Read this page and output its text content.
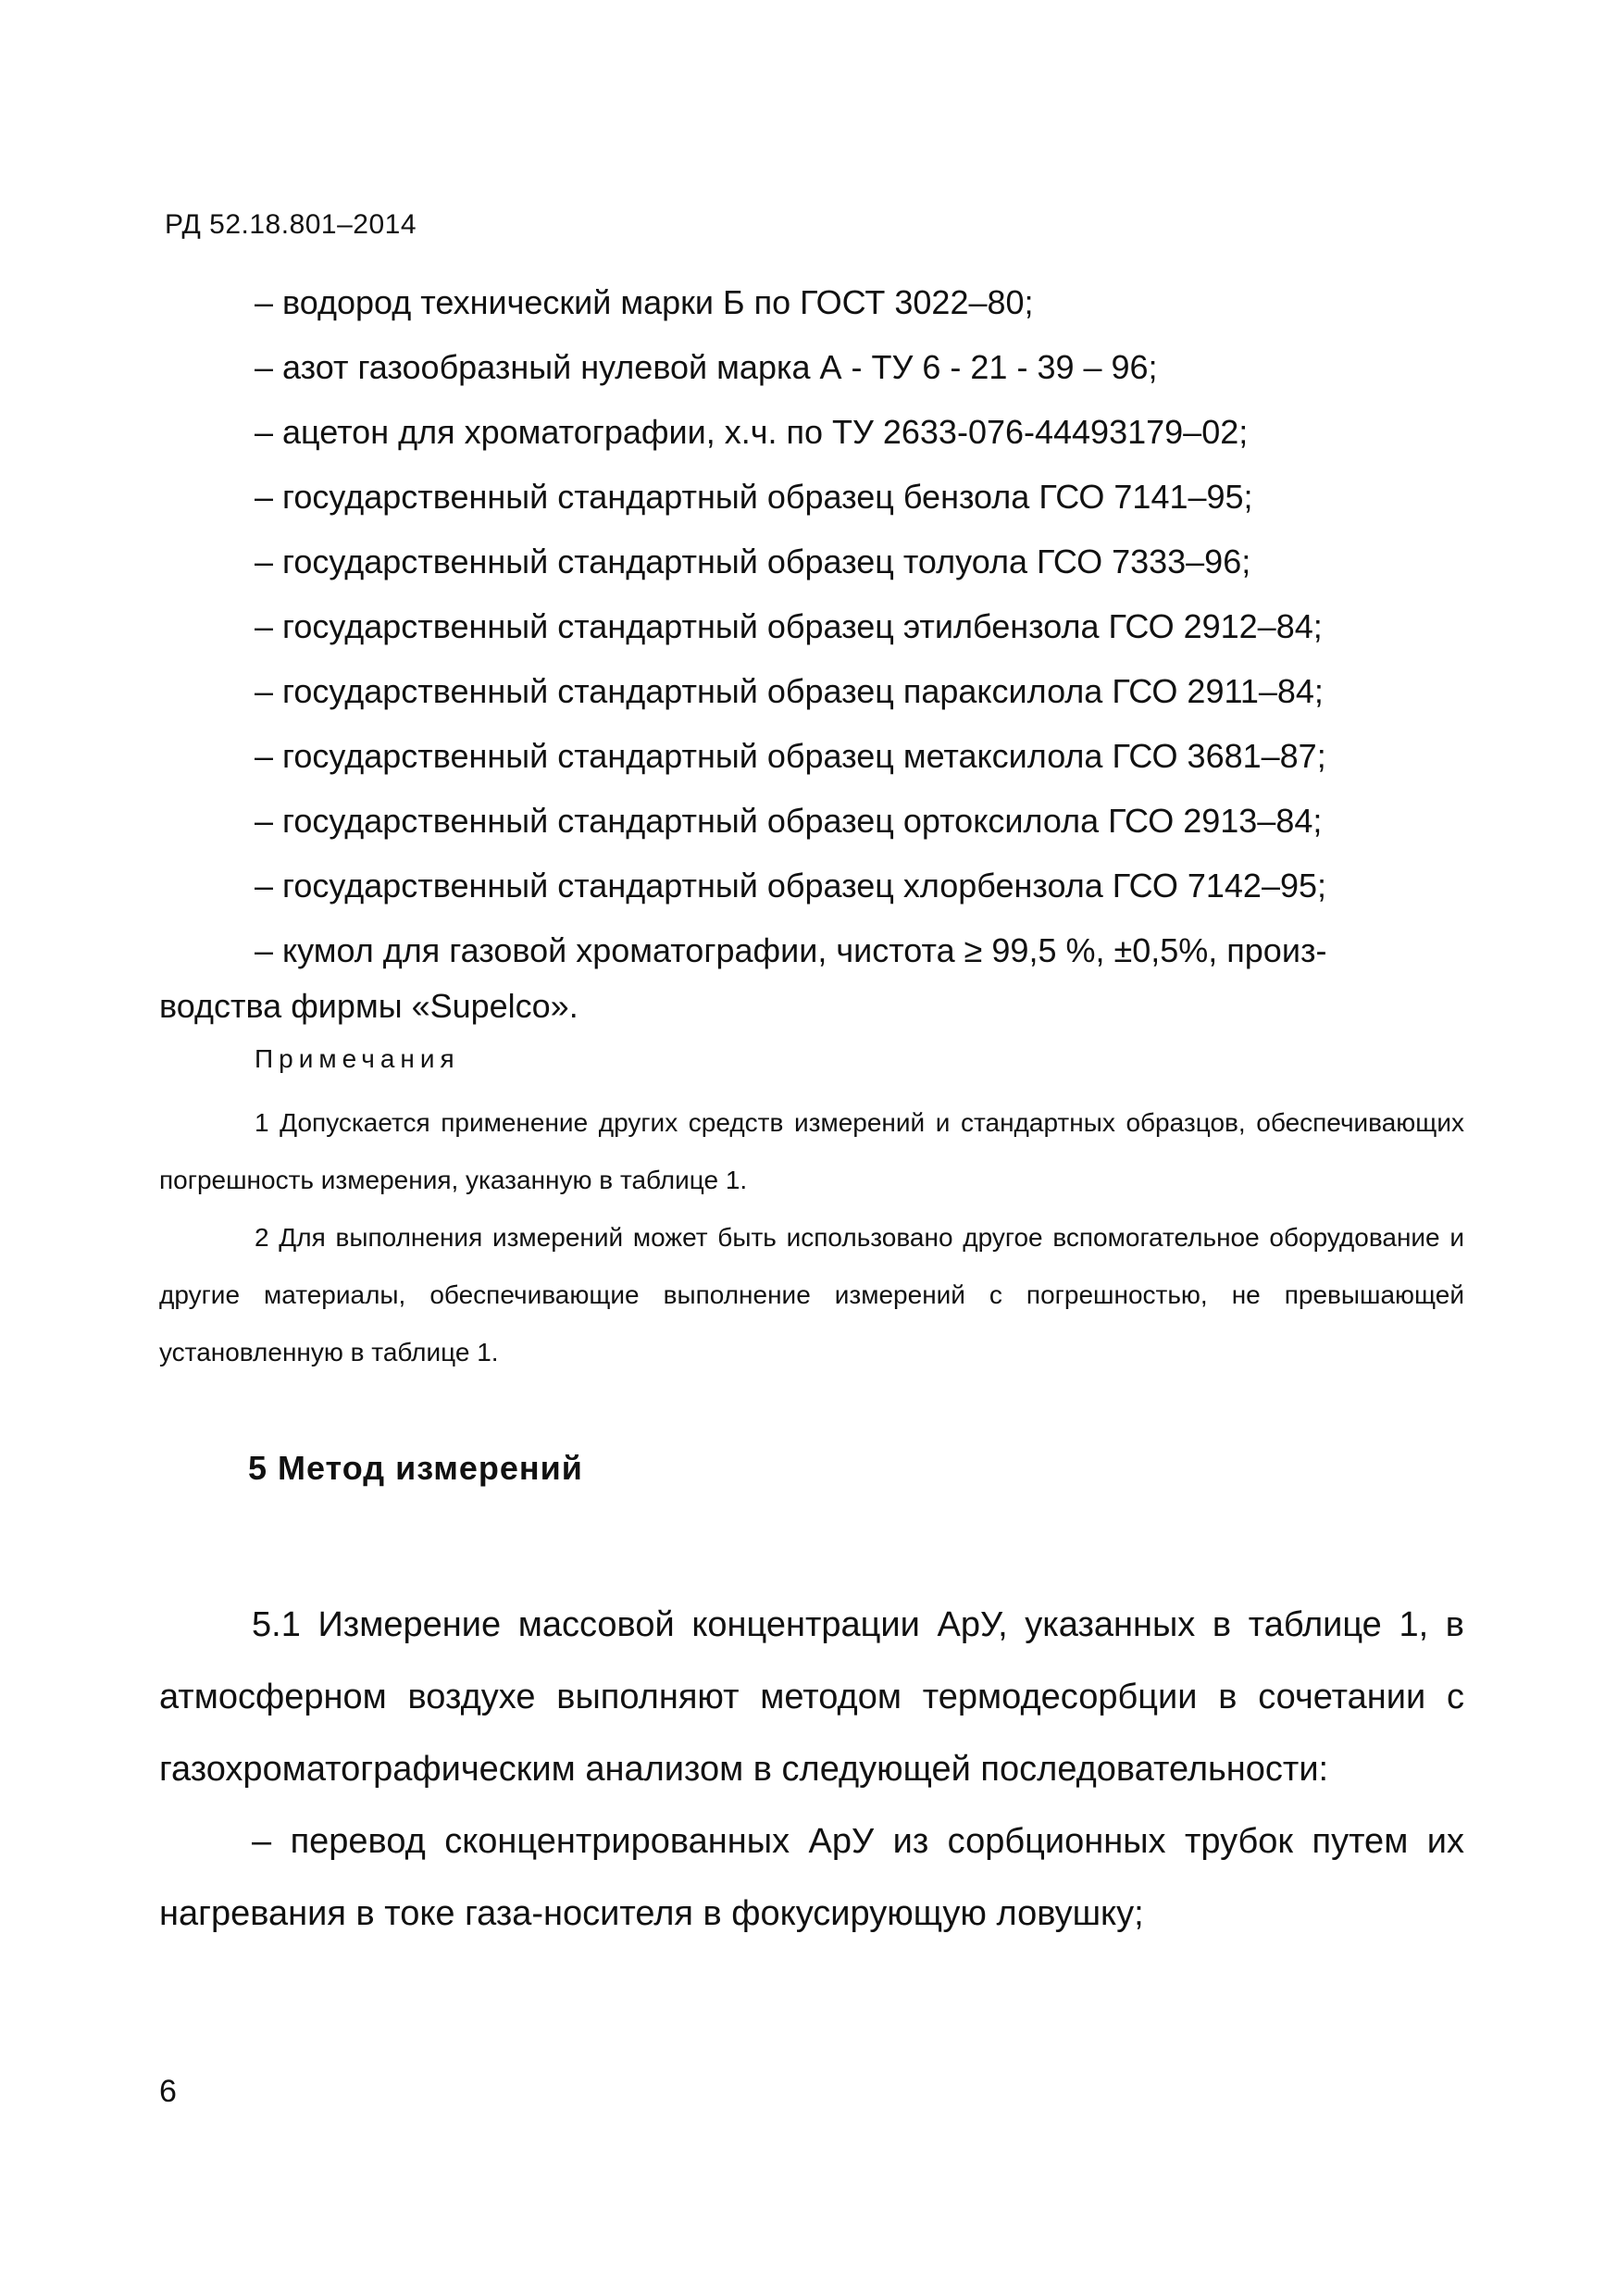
РД 52.18.801–2014
– водород технический марки Б по ГОСТ 3022–80;
– азот газообразный нулевой марка А - ТУ 6 - 21 - 39 – 96;
– ацетон для хроматографии, х.ч. по ТУ 2633-076-44493179–02;
– государственный стандартный образец бензола ГСО 7141–95;
– государственный стандартный образец толуола ГСО 7333–96;
– государственный стандартный образец этилбензола ГСО 2912–84;
– государственный стандартный образец параксилола ГСО 2911–84;
– государственный стандартный образец метаксилола ГСО 3681–87;
– государственный стандартный образец ортоксилола ГСО 2913–84;
– государственный стандартный образец хлорбензола ГСО 7142–95;
– кумол для газовой хроматографии, чистота ≥ 99,5 %, ±0,5%, произ-
водства фирмы «Supelco».
Примечания
1 Допускается применение других средств измерений и стандартных образцов, обеспечивающих погрешность измерения, указанную в таблице 1.
2 Для выполнения измерений может быть использовано другое вспомогательное оборудование и другие материалы, обеспечивающие выполнение измерений с погрешностью, не превышающей установленную в таблице 1.
5 Метод измерений
5.1 Измерение массовой концентрации АрУ, указанных в таблице 1, в атмосферном воздухе выполняют методом термодесорбции в сочетании с газохроматографическим анализом в следующей последовательности:
– перевод сконцентрированных АрУ из сорбционных трубок путем их нагревания в токе газа-носителя в фокусирующую ловушку;
6
